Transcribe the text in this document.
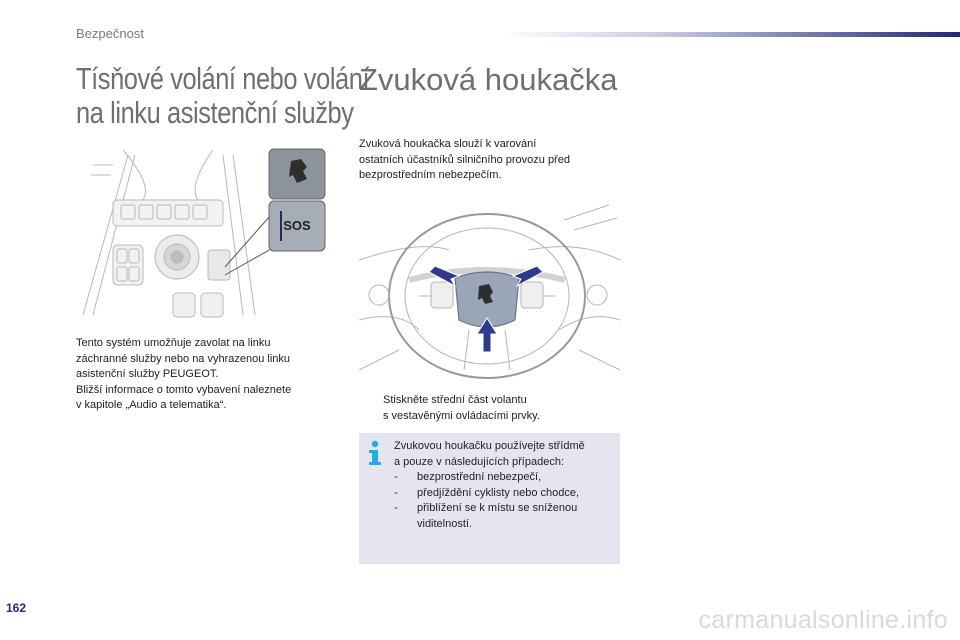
Bezpečnost
Tísňové volání nebo volání
na linku asistenční služby
Zvuková houkačka
SOS
Tento systém umožňuje zavolat na linku
záchranné služby nebo na vyhrazenou linku
asistenční služby PEUGEOT.
Bližší informace o tomto vybavení naleznete
v kapitole „Audio a telematika“.
Zvuková houkačka slouží k varování
ostatních účastníků silničního provozu před
bezprostředním nebezpečím.
Stiskněte střední část volantu
s vestavěnými ovládacími prvky.
Zvukovou houkačku používejte střídmě
a pouze v následujících případech:
- bezprostřední nebezpečí,
- předjíždění cyklisty nebo chodce,
- přiblížení se k místu se sníženou
viditelností.
162	carmanualsonline.info
